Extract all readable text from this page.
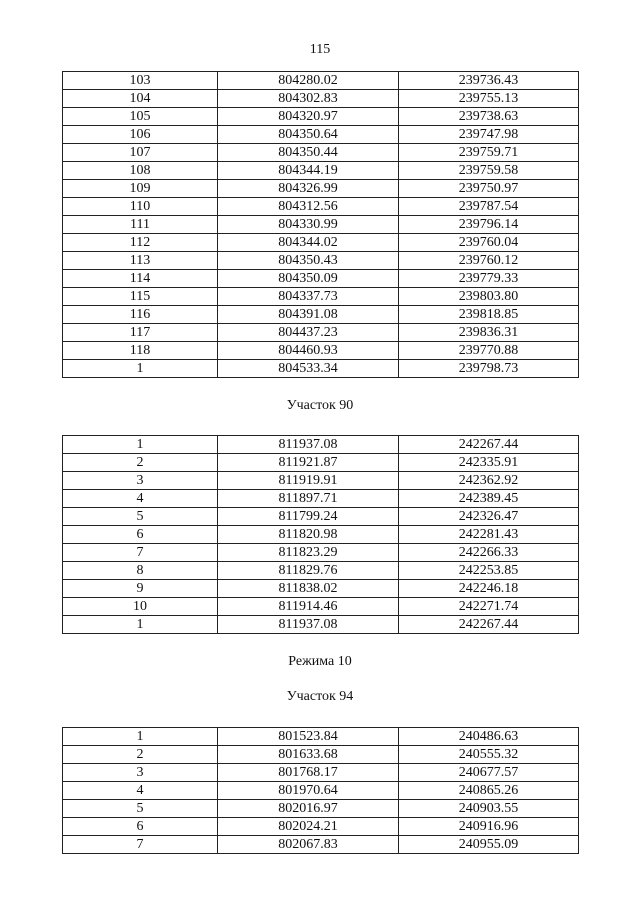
115
103	804280.02	239736.43
104	804302.83	239755.13
105	804320.97	239738.63
106	804350.64	239747.98
107	804350.44	239759.71
108	804344.19	239759.58
109	804326.99	239750.97
110	804312.56	239787.54
111	804330.99	239796.14
112	804344.02	239760.04
113	804350.43	239760.12
114	804350.09	239779.33
115	804337.73	239803.80
116	804391.08	239818.85
117	804437.23	239836.31
118	804460.93	239770.88
1	804533.34	239798.73
Участок 90
1	811937.08	242267.44
2	811921.87	242335.91
3	811919.91	242362.92
4	811897.71	242389.45
5	811799.24	242326.47
6	811820.98	242281.43
7	811823.29	242266.33
8	811829.76	242253.85
9	811838.02	242246.18
10	811914.46	242271.74
1	811937.08	242267.44
Режима 10
Участок 94
1	801523.84	240486.63
2	801633.68	240555.32
3	801768.17	240677.57
4	801970.64	240865.26
5	802016.97	240903.55
6	802024.21	240916.96
7	802067.83	240955.09
